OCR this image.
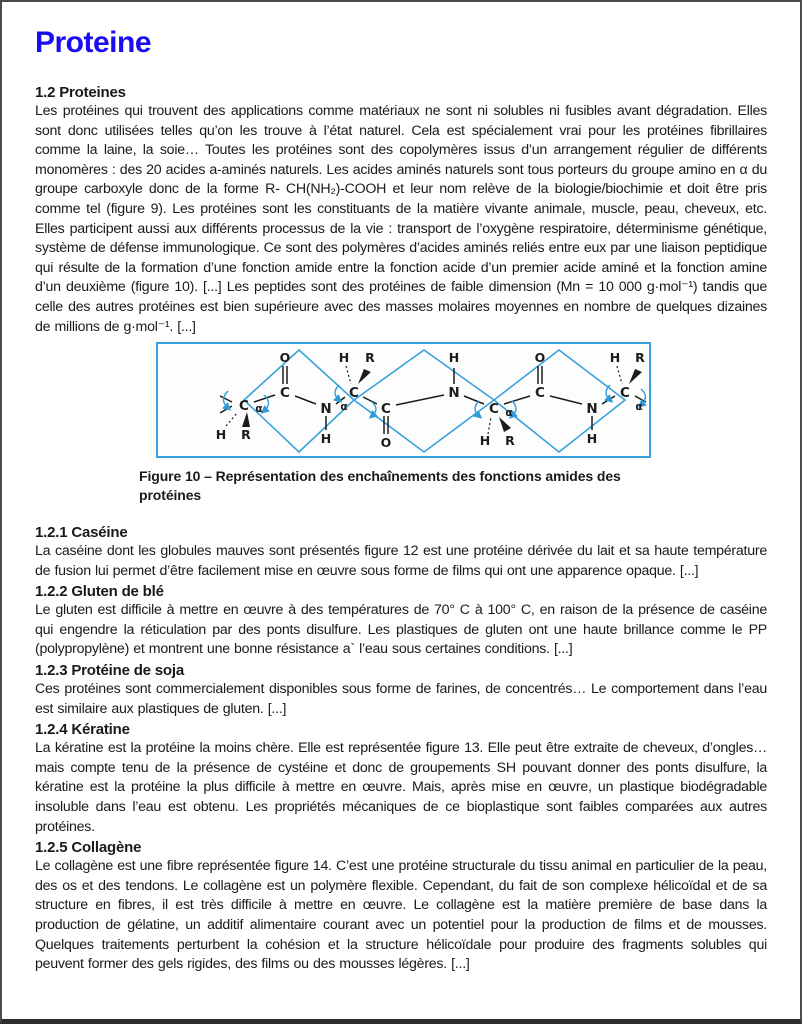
Proteine
1.2 Proteines

Les protéines qui trouvent des applications comme matériaux ne sont ni solubles ni fusibles avant dégradation. Elles sont donc utilisées telles qu’on les trouve à l’état naturel. Cela est spécialement vrai pour les protéines fibrillaires comme la laine, la soie… Toutes les protéines sont des copolymères issus d’un arrangement régulier de différents monomères : des 20 acides a-aminés naturels. Les acides aminés naturels sont tous porteurs du groupe amino en α du groupe carboxyle donc de la forme R- CH(NH₂)-COOH et leur nom relève de la biologie/biochimie et doit être pris comme tel (figure 9). Les protéines sont les constituants de la matière vivante animale, muscle, peau, cheveux, etc. Elles participent aussi aux différents processus de la vie : transport de l’oxygène respiratoire, déterminisme génétique, système de défense immunologique. Ce sont des polymères d’acides aminés reliés entre eux par une liaison peptidique qui résulte de la formation d’une fonction amide entre la fonction acide d’un premier acide aminé et la fonction amine d’un deuxième (figure 10). [...] Les peptides sont des protéines de faible dimension (Mn = 10 000 g·mol⁻¹) tandis que celle des autres protéines est bien supérieure avec des masses molaires moyennes en nombre de quelques dizaines de millions de g·mol⁻¹. [...]

C
C
N
C
C
N
C
C
N
C
O
O
O
H
H
H
H R
H R
H R
H R
α	α	α	α

Figure 10 – Représentation des enchaînements des fonctions amides des protéines

1.2.1 Caséine

La caséine dont les globules mauves sont présentés figure 12 est une protéine dérivée du lait et sa haute température de fusion lui permet d’être facilement mise en œuvre sous forme de films qui ont une apparence opaque. [...]

1.2.2 Gluten de blé

Le gluten est difficile à mettre en œuvre à des températures de 70° C à 100° C, en raison de la présence de caséine qui engendre la réticulation par des ponts disulfure. Les plastiques de gluten ont une haute brillance comme le PP (polypropylène) et montrent une bonne résistance a` l’eau sous certaines conditions. [...]

1.2.3 Protéine de soja

Ces protéines sont commercialement disponibles sous forme de farines, de concentrés… Le comportement dans l’eau est similaire aux plastiques de gluten. [...]

1.2.4 Kératine

La kératine est la protéine la moins chère. Elle est représentée figure 13. Elle peut être extraite de cheveux, d’ongles… mais compte tenu de la présence de cystéine et donc de groupements SH pouvant donner des ponts disulfure, la kératine est la protéine la plus difficile à mettre en œuvre. Mais, après mise en œuvre, un plastique biodégradable insoluble dans l’eau est obtenu. Les propriétés mécaniques de ce bioplastique sont faibles comparées aux autres protéines.

1.2.5 Collagène

Le collagène est une fibre représentée figure 14. C’est une protéine structurale du tissu animal en particulier de la peau, des os et des tendons. Le collagène est un polymère flexible. Cependant, du fait de son complexe hélicoïdal et de sa structure en fibres, il est très difficile à mettre en œuvre. Le collagène est la matière première de base dans la production de gélatine, un additif alimentaire courant avec un potentiel pour la production de films et de mousses. Quelques traitements perturbent la cohésion et la structure hélicoïdale pour produire des fragments solubles qui peuvent former des gels rigides, des films ou des mousses légères. [...]
